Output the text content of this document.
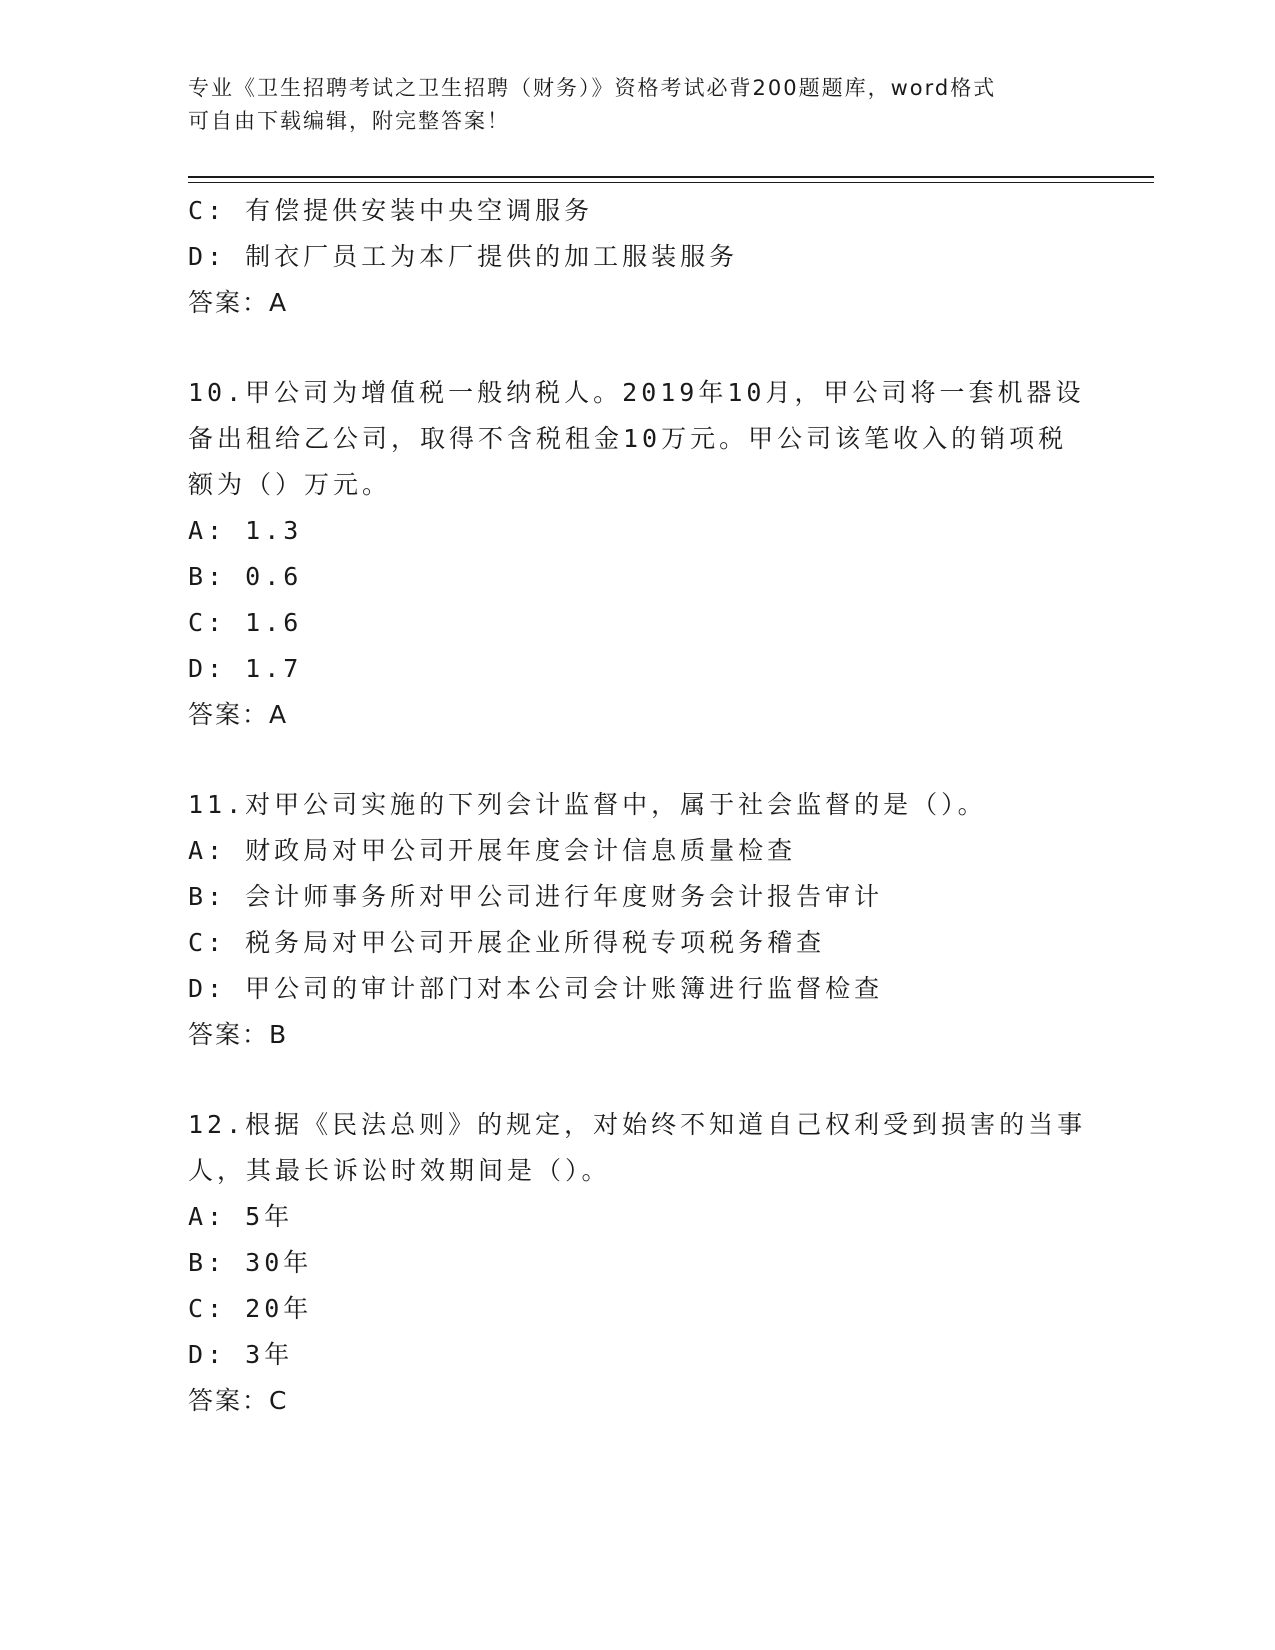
专业《卫生招聘考试之卫生招聘（财务）》资格考试必背200题题库，word格式
可自由下载编辑，附完整答案！
C: 有偿提供安装中央空调服务
D: 制衣厂员工为本厂提供的加工服装服务
答案：A
10.甲公司为增值税一般纳税人。2019年10月，甲公司将一套机器设
备出租给乙公司，取得不含税租金10万元。甲公司该笔收入的销项税
额为（）万元。
A: 1.3
B: 0.6
C: 1.6
D: 1.7
答案：A
11.对甲公司实施的下列会计监督中，属于社会监督的是（）。
A: 财政局对甲公司开展年度会计信息质量检查
B: 会计师事务所对甲公司进行年度财务会计报告审计
C: 税务局对甲公司开展企业所得税专项税务稽查
D: 甲公司的审计部门对本公司会计账簿进行监督检查
答案：B
12.根据《民法总则》的规定，对始终不知道自己权利受到损害的当事
人，其最长诉讼时效期间是（）。
A: 5年
B: 30年
C: 20年
D: 3年
答案：C
